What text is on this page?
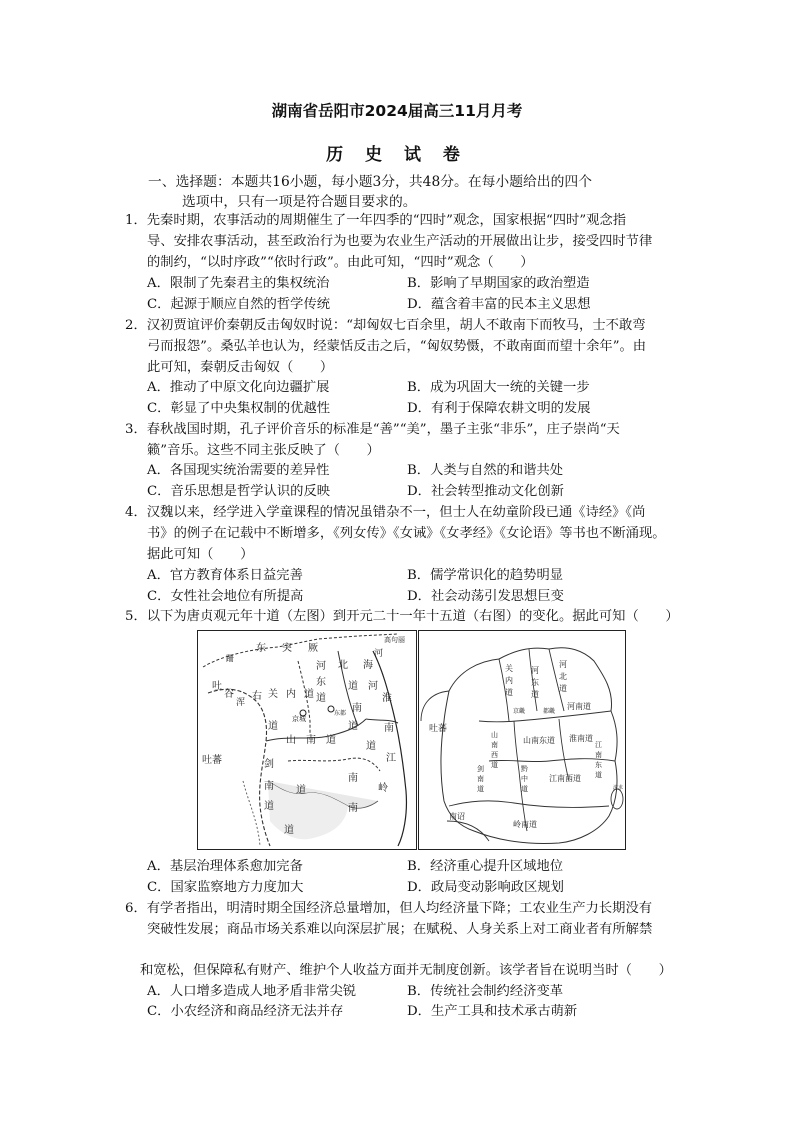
湖南省岳阳市2024届高三11月月考
历 史 试 卷
一、选择题：本题共16小题，每小题3分，共48分。在每小题给出的四个
选项中，只有一项是符合题目要求的。
1．先秦时期，农事活动的周期催生了一年四季的“四时”观念，国家根据“四时”观念指
导、安排农事活动，甚至政治行为也要为农业生产活动的开展做出让步，接受四时节律
的制约，“以时序政”“依时行政”。由此可知，“四时”观念（　　）
A．限制了先秦君主的集权统治	B．影响了早期国家的政治塑造
C．起源于顺应自然的哲学传统	D．蕴含着丰富的民本主义思想
2．汉初贾谊评价秦朝反击匈奴时说：“却匈奴七百余里，胡人不敢南下而牧马，士不敢弯
弓而报怨”。桑弘羊也认为，经蒙恬反击之后，“匈奴势慑，不敢南面而望十余年”。由
此可知，秦朝反击匈奴（　　）
A．推动了中原文化向边疆扩展	B．成为巩固大一统的关键一步
C．彰显了中央集权制的优越性	D．有利于保障农耕文明的发展
3．春秋战国时期，孔子评价音乐的标准是“善”“美”，墨子主张“非乐”，庄子崇尚“天
籁”音乐。这些不同主张反映了（　　）
A．各国现实统治需要的差异性	B．人类与自然的和谐共处
C．音乐思想是哲学认识的反映	D．社会转型推动文化创新
4．汉魏以来，经学进入学童课程的情况虽错杂不一，但士人在幼童阶段已通《诗经》《尚
书》的例子在记载中不断增多，《列女传》《女诫》《女孝经》《女论语》等书也不断涌现。
据此可知（　　）
A．官方教育体系日益完善	B．儒学常识化的趋势明显
C．女性社会地位有所提高	D．社会动荡引发思想巨变
5．以下为唐贞观元年十道（左图）到开元二十一年十五道（右图）的变化。据此可知（　　）
东 突 厥
高句丽
河
北 海
跚
吐
谷
浑
右 关 内 道
河
东
道
道 河
京城
东都 南
道
淮
南
道
山 南 道
道
江
吐蕃	剑
南
道
南
岭
道
南
道
关
内
道
河
东
道
河
北
道
吐蕃
京畿	都畿
河南道
山
南
西
道
山南东道 淮南道
黔
中
道
剑
南
道
江南西道
江
南
东
道
南诏
岭南道
流求
A．基层治理体系愈加完备	B．经济重心提升区域地位
C．国家监察地方力度加大	D．政局变动影响政区规划
6．有学者指出，明清时期全国经济总量增加，但人均经济量下降；工农业生产力长期没有
突破性发展；商品市场关系难以向深层扩展；在赋税、人身关系上对工商业者有所解禁
和宽松，但保障私有财产、维护个人收益方面并无制度创新。该学者旨在说明当时（　　）
A．人口增多造成人地矛盾非常尖锐	B．传统社会制约经济变革
C．小农经济和商品经济无法并存	D．生产工具和技术承古萌新
